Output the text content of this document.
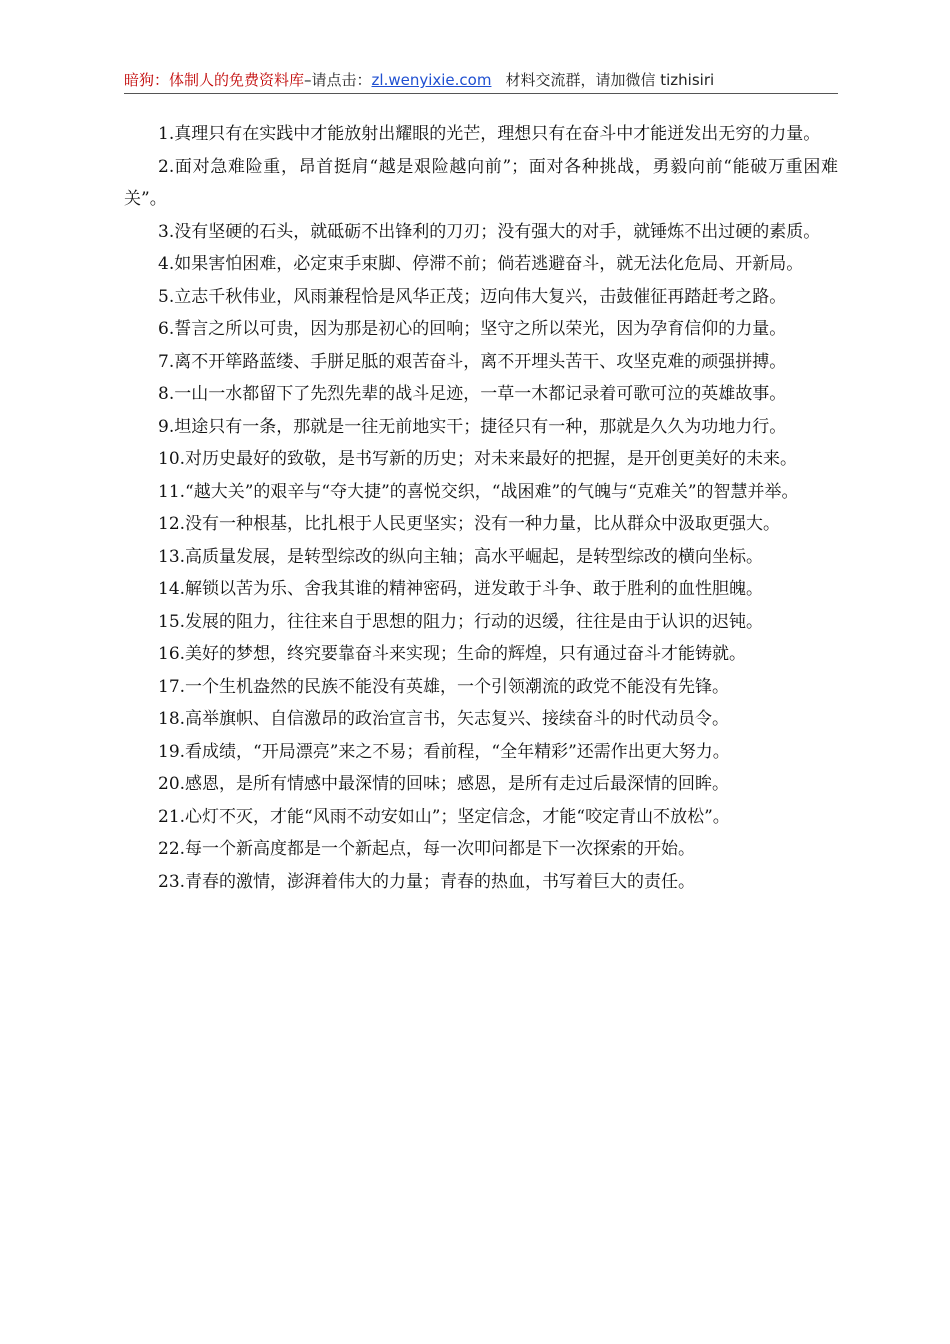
暗狗：体制人的免费资料库–请点击：zl.wenyixie.com 材料交流群，请加微信 tizhisiri

1.真理只有在实践中才能放射出耀眼的光芒，理想只有在奋斗中才能迸发出无穷的力量。

2.面对急难险重，昂首挺肩“越是艰险越向前”；面对各种挑战，勇毅向前“能破万重困难关”。

3.没有坚硬的石头，就砥砺不出锋利的刀刃；没有强大的对手，就锤炼不出过硬的素质。

4.如果害怕困难，必定束手束脚、停滞不前；倘若逃避奋斗，就无法化危局、开新局。

5.立志千秋伟业，风雨兼程恰是风华正茂；迈向伟大复兴，击鼓催征再踏赶考之路。

6.誓言之所以可贵，因为那是初心的回响；坚守之所以荣光，因为孕育信仰的力量。

7.离不开筚路蓝缕、手胼足胝的艰苦奋斗，离不开埋头苦干、攻坚克难的顽强拼搏。

8.一山一水都留下了先烈先辈的战斗足迹，一草一木都记录着可歌可泣的英雄故事。

9.坦途只有一条，那就是一往无前地实干；捷径只有一种，那就是久久为功地力行。

10.对历史最好的致敬，是书写新的历史；对未来最好的把握，是开创更美好的未来。

11.“越大关”的艰辛与“夺大捷”的喜悦交织，“战困难”的气魄与“克难关”的智慧并举。

12.没有一种根基，比扎根于人民更坚实；没有一种力量，比从群众中汲取更强大。

13.高质量发展，是转型综改的纵向主轴；高水平崛起，是转型综改的横向坐标。

14.解锁以苦为乐、舍我其谁的精神密码，迸发敢于斗争、敢于胜利的血性胆魄。

15.发展的阻力，往往来自于思想的阻力；行动的迟缓，往往是由于认识的迟钝。

16.美好的梦想，终究要靠奋斗来实现；生命的辉煌，只有通过奋斗才能铸就。

17.一个生机盎然的民族不能没有英雄，一个引领潮流的政党不能没有先锋。

18.高举旗帜、自信激昂的政治宣言书，矢志复兴、接续奋斗的时代动员令。

19.看成绩，“开局漂亮”来之不易；看前程，“全年精彩”还需作出更大努力。

20.感恩，是所有情感中最深情的回味；感恩，是所有走过后最深情的回眸。

21.心灯不灭，才能“风雨不动安如山”；坚定信念，才能“咬定青山不放松”。

22.每一个新高度都是一个新起点，每一次叩问都是下一次探索的开始。

23.青春的激情，澎湃着伟大的力量；青春的热血，书写着巨大的责任。
